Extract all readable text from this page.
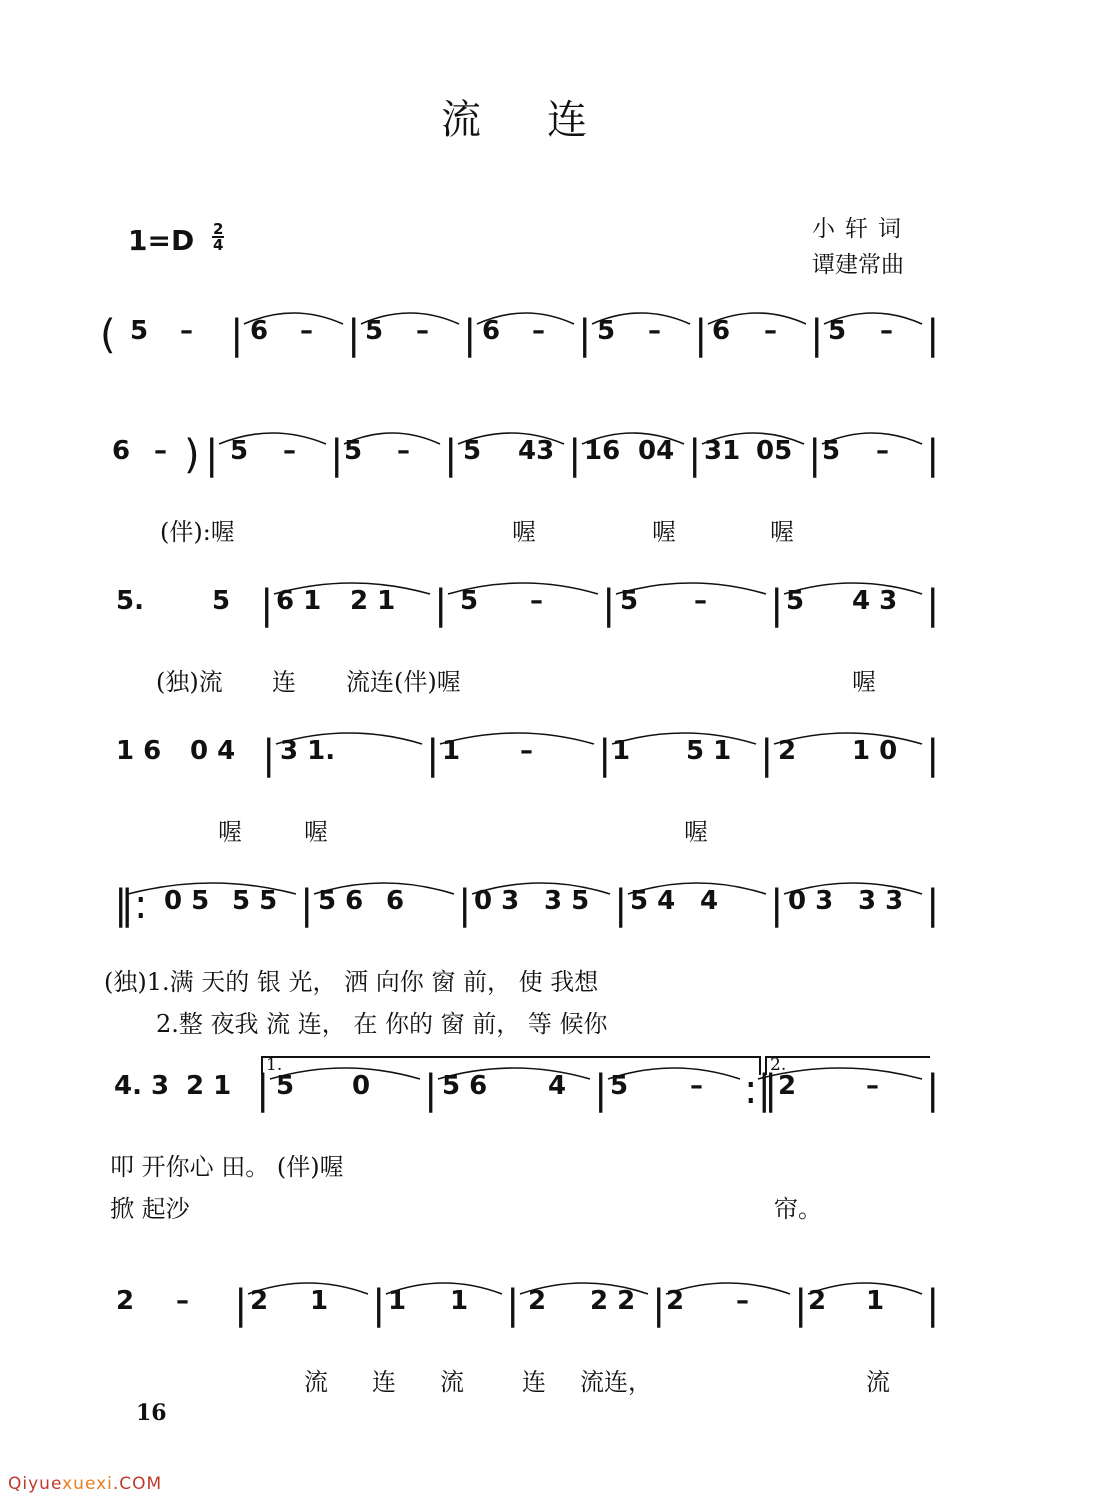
流 连
$1=D \frac{2}{4}$	小轩词
谭建常曲
( 5 – | 6 – | 5 – | 6 – | 5 – | 6 – | 5 – |
6 – ) | 5 – | 5 – | 5 43 | 16 04 | 31 05 | 5 – |
(伴):喔	喔	喔	喔
5.	5 | 6 1 2 1 | 5 – | 5 – | 5 4 3 |
(独)流 连 流连(伴)喔	喔
1 6 0 4 | 3 1. | 1 – | 1 5 1 | 2 1 0 |
喔	喔	喔
‖: 0 5 5 5 | 5 6 6 | 0 3 3 5 | 5 4 4 | 0 3 3 3 |
(独)1.满 天的 银 光， 洒 向你 窗 前， 使 我想
2.整 夜我 流 连， 在 你的 窗 前， 等 候你
4. 3 2 1 | 5 0 | 5 6 4 | 5 – :‖ 2	– |
1.	2.
叩 开你心 田。 (伴)喔
掀 起沙	帘。
2 – | 2 1 | 1 1 | 2 2 2 | 2 – | 2 1 |
流 连 流 连 流连，	流
16
Qiyuexuexi.COM
